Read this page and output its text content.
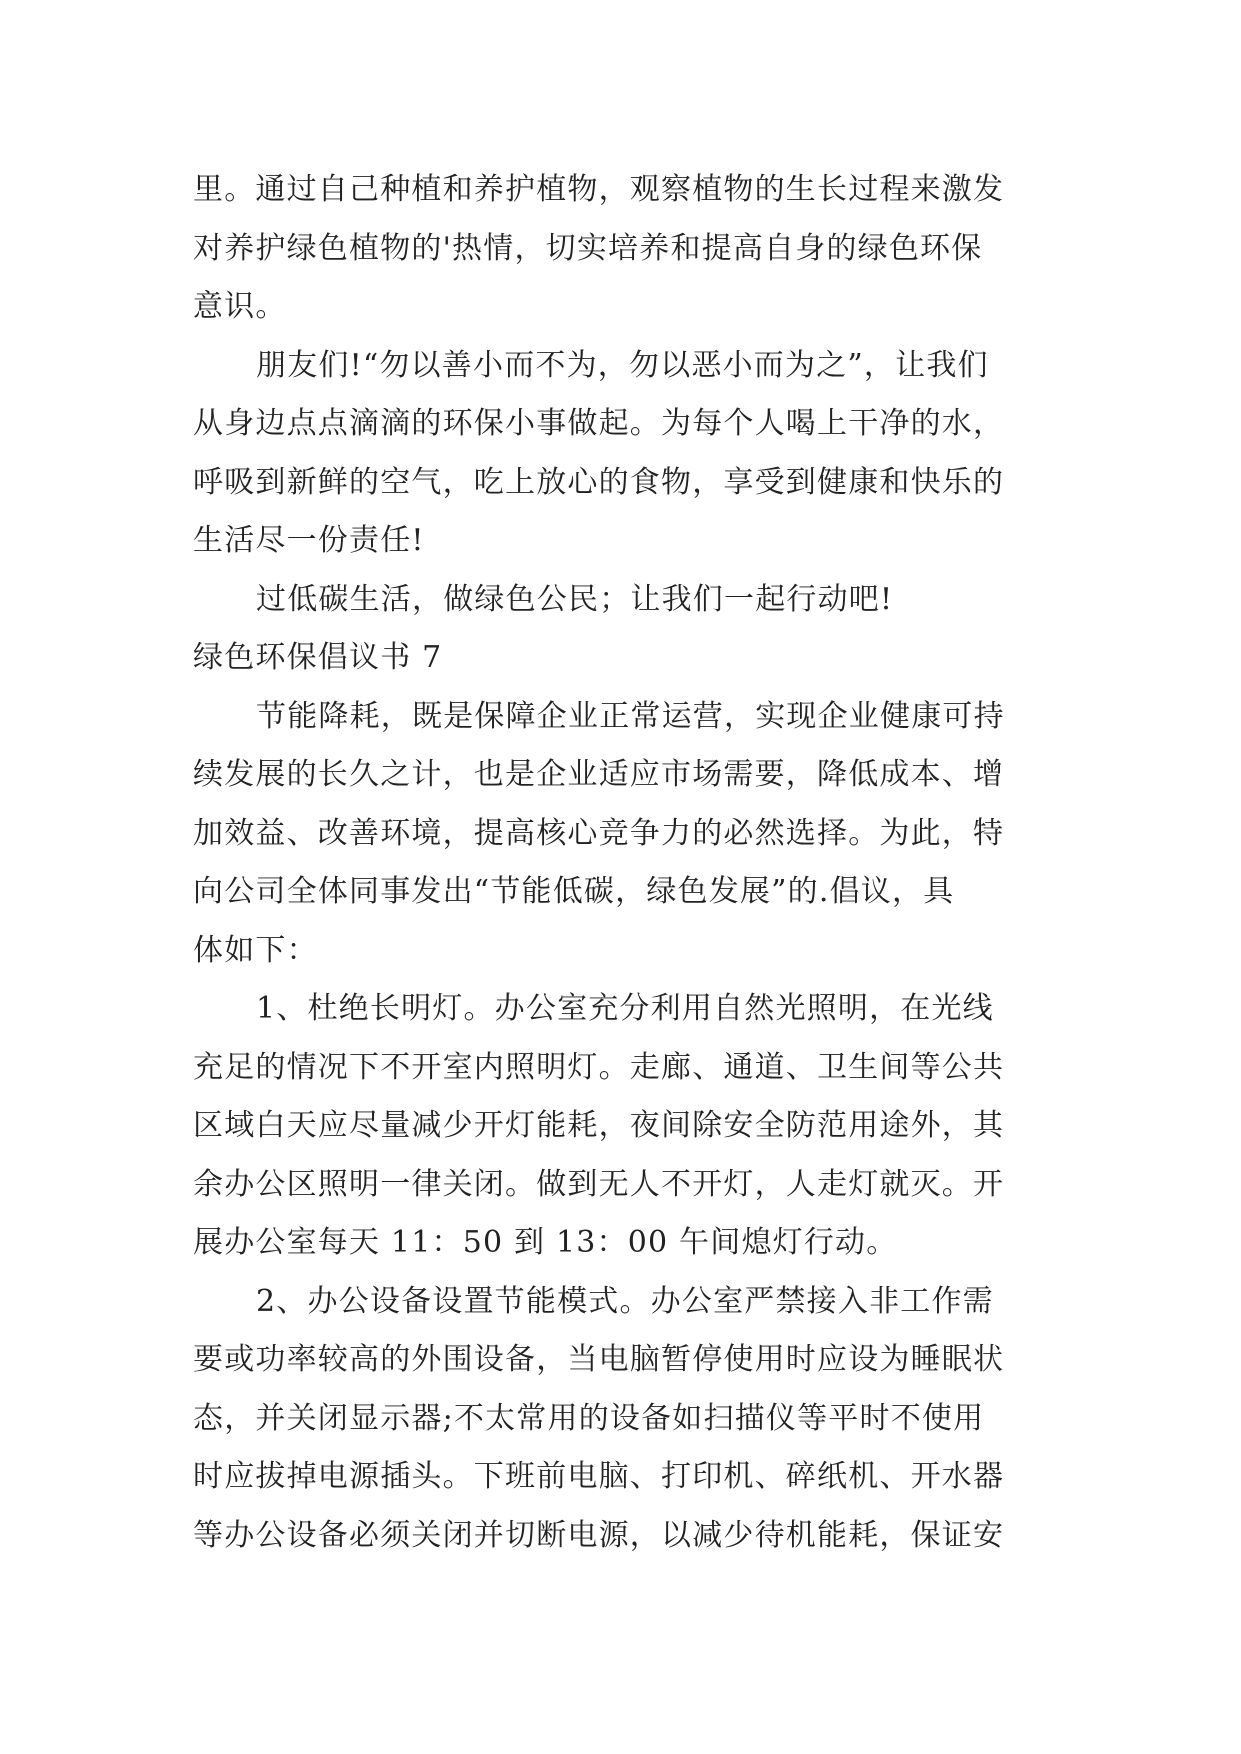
里。通过自己种植和养护植物，观察植物的生长过程来激发
对养护绿色植物的'热情，切实培养和提高自身的绿色环保
意识。
朋友们!“勿以善小而不为，勿以恶小而为之”，让我们
从身边点点滴滴的环保小事做起。为每个人喝上干净的水，
呼吸到新鲜的空气，吃上放心的食物，享受到健康和快乐的
生活尽一份责任!
过低碳生活，做绿色公民；让我们一起行动吧!
绿色环保倡议书 7
节能降耗，既是保障企业正常运营，实现企业健康可持
续发展的长久之计，也是企业适应市场需要，降低成本、增
加效益、改善环境，提高核心竞争力的必然选择。为此，特
向公司全体同事发出“节能低碳，绿色发展”的.倡议，具
体如下：
1、杜绝长明灯。办公室充分利用自然光照明，在光线
充足的情况下不开室内照明灯。走廊、通道、卫生间等公共
区域白天应尽量减少开灯能耗，夜间除安全防范用途外，其
余办公区照明一律关闭。做到无人不开灯，人走灯就灭。开
展办公室每天 11：50 到 13：00 午间熄灯行动。
2、办公设备设置节能模式。办公室严禁接入非工作需
要或功率较高的外围设备，当电脑暂停使用时应设为睡眠状
态，并关闭显示器;不太常用的设备如扫描仪等平时不使用
时应拔掉电源插头。下班前电脑、打印机、碎纸机、开水器
等办公设备必须关闭并切断电源，以减少待机能耗，保证安
